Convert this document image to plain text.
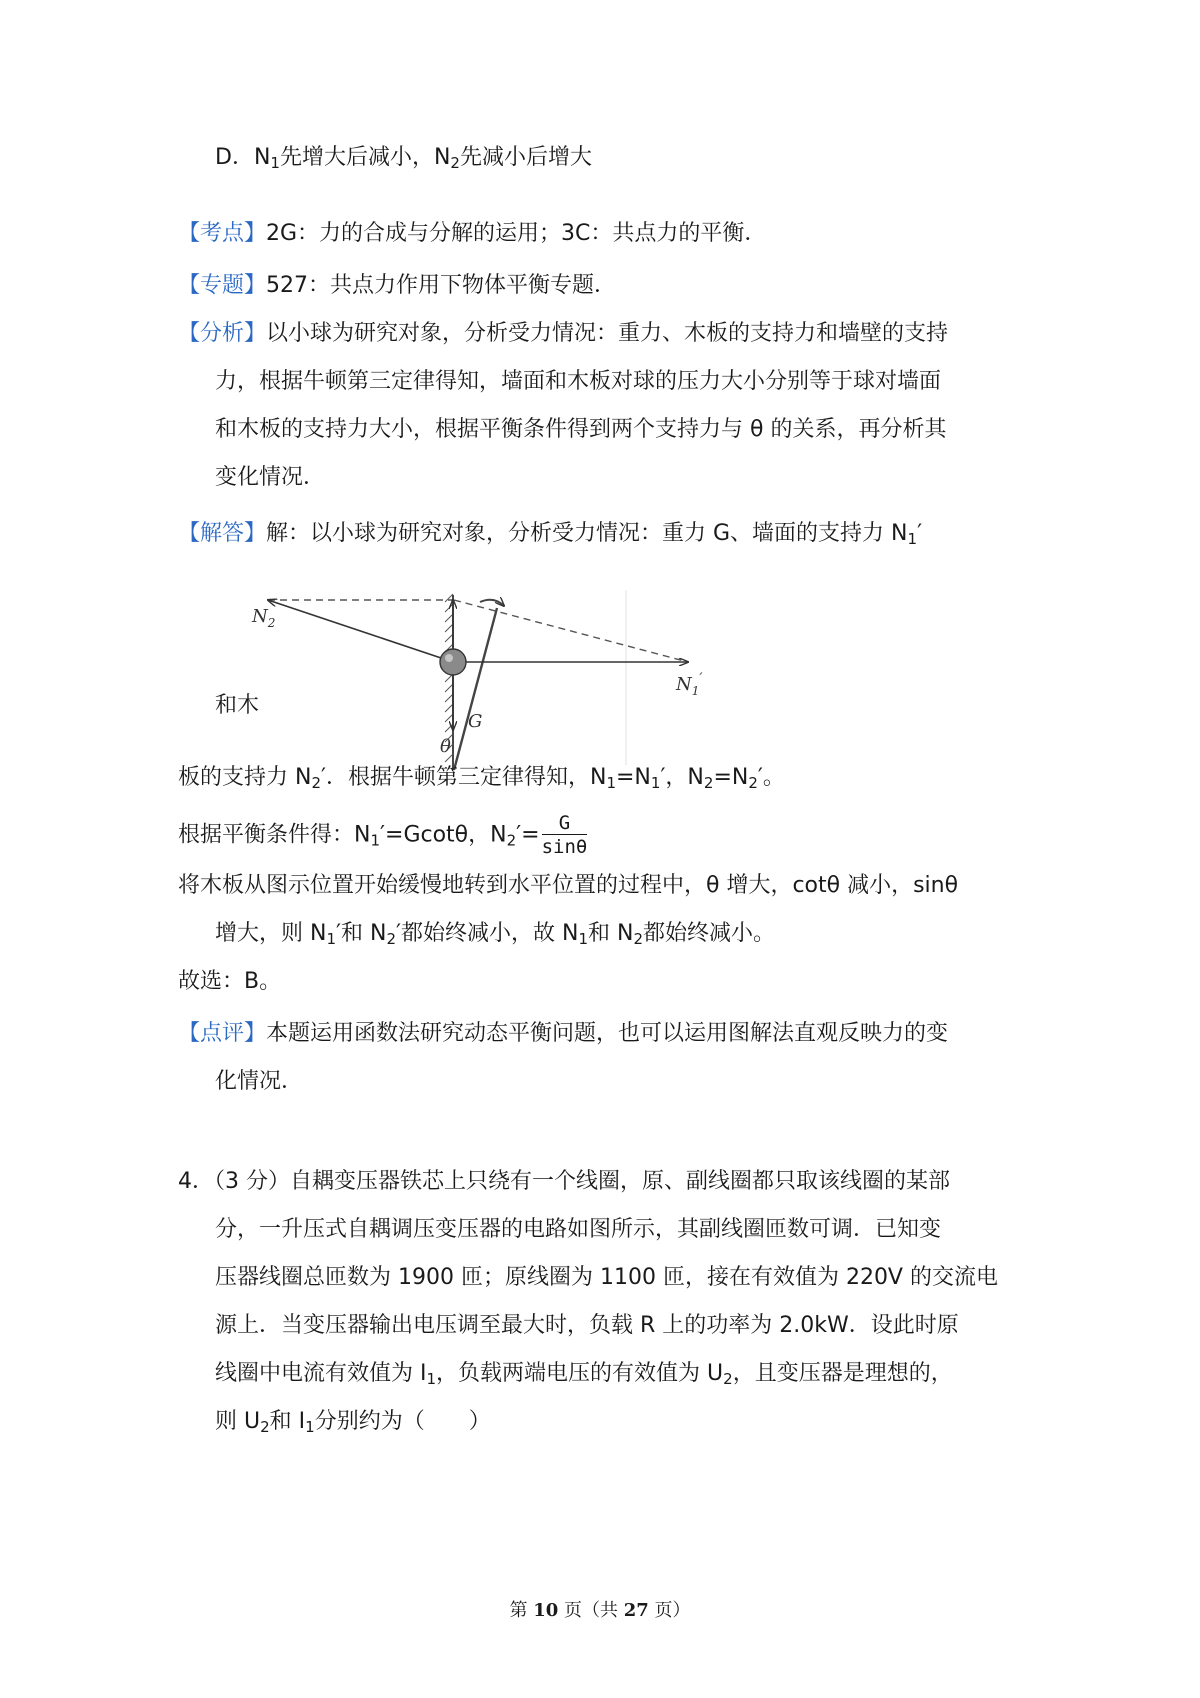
D．$N_1$先增大后减小，$N_2$先减小后增大
【考点】2G：力的合成与分解的运用；3C：共点力的平衡．
【专题】527：共点力作用下物体平衡专题．
【分析】以小球为研究对象，分析受力情况：重力、木板的支持力和墙壁的支持
力，根据牛顿第三定律得知，墙面和木板对球的压力大小分别等于球对墙面
和木板的支持力大小，根据平衡条件得到两个支持力与 θ 的关系，再分析其
变化情况．
【解答】解：以小球为研究对象，分析受力情况：重力 G、墙面的支持力 $N_1'$
$N_2$
$N_1'$
G
θ
和木
板的支持力 $N_2'$．根据牛顿第三定律得知，$N_1=N_1'$，$N_2=N_2'$。
根据平衡条件得：$N_1'=Gcot\theta$，$N_2'= \frac{G}{\sin\theta}$
将木板从图示位置开始缓慢地转到水平位置的过程中，θ 增大，cotθ 减小，sinθ
增大，则 $N_1'$和 $N_2'$都始终减小，故 $N_1$和 $N_2$都始终减小。
故选：B。
【点评】本题运用函数法研究动态平衡问题，也可以运用图解法直观反映力的变
化情况．
4．（3 分）自耦变压器铁芯上只绕有一个线圈，原、副线圈都只取该线圈的某部
分，一升压式自耦调压变压器的电路如图所示，其副线圈匝数可调．已知变
压器线圈总匝数为 1900 匝；原线圈为 1100 匝，接在有效值为 220V 的交流电
源上．当变压器输出电压调至最大时，负载 R 上的功率为 2.0kW．设此时原
线圈中电流有效值为 $I_1$，负载两端电压的有效值为 $U_2$，且变压器是理想的，
则 $U_2$和 $I_1$分别约为（　　）
第 10 页（共 27 页）
